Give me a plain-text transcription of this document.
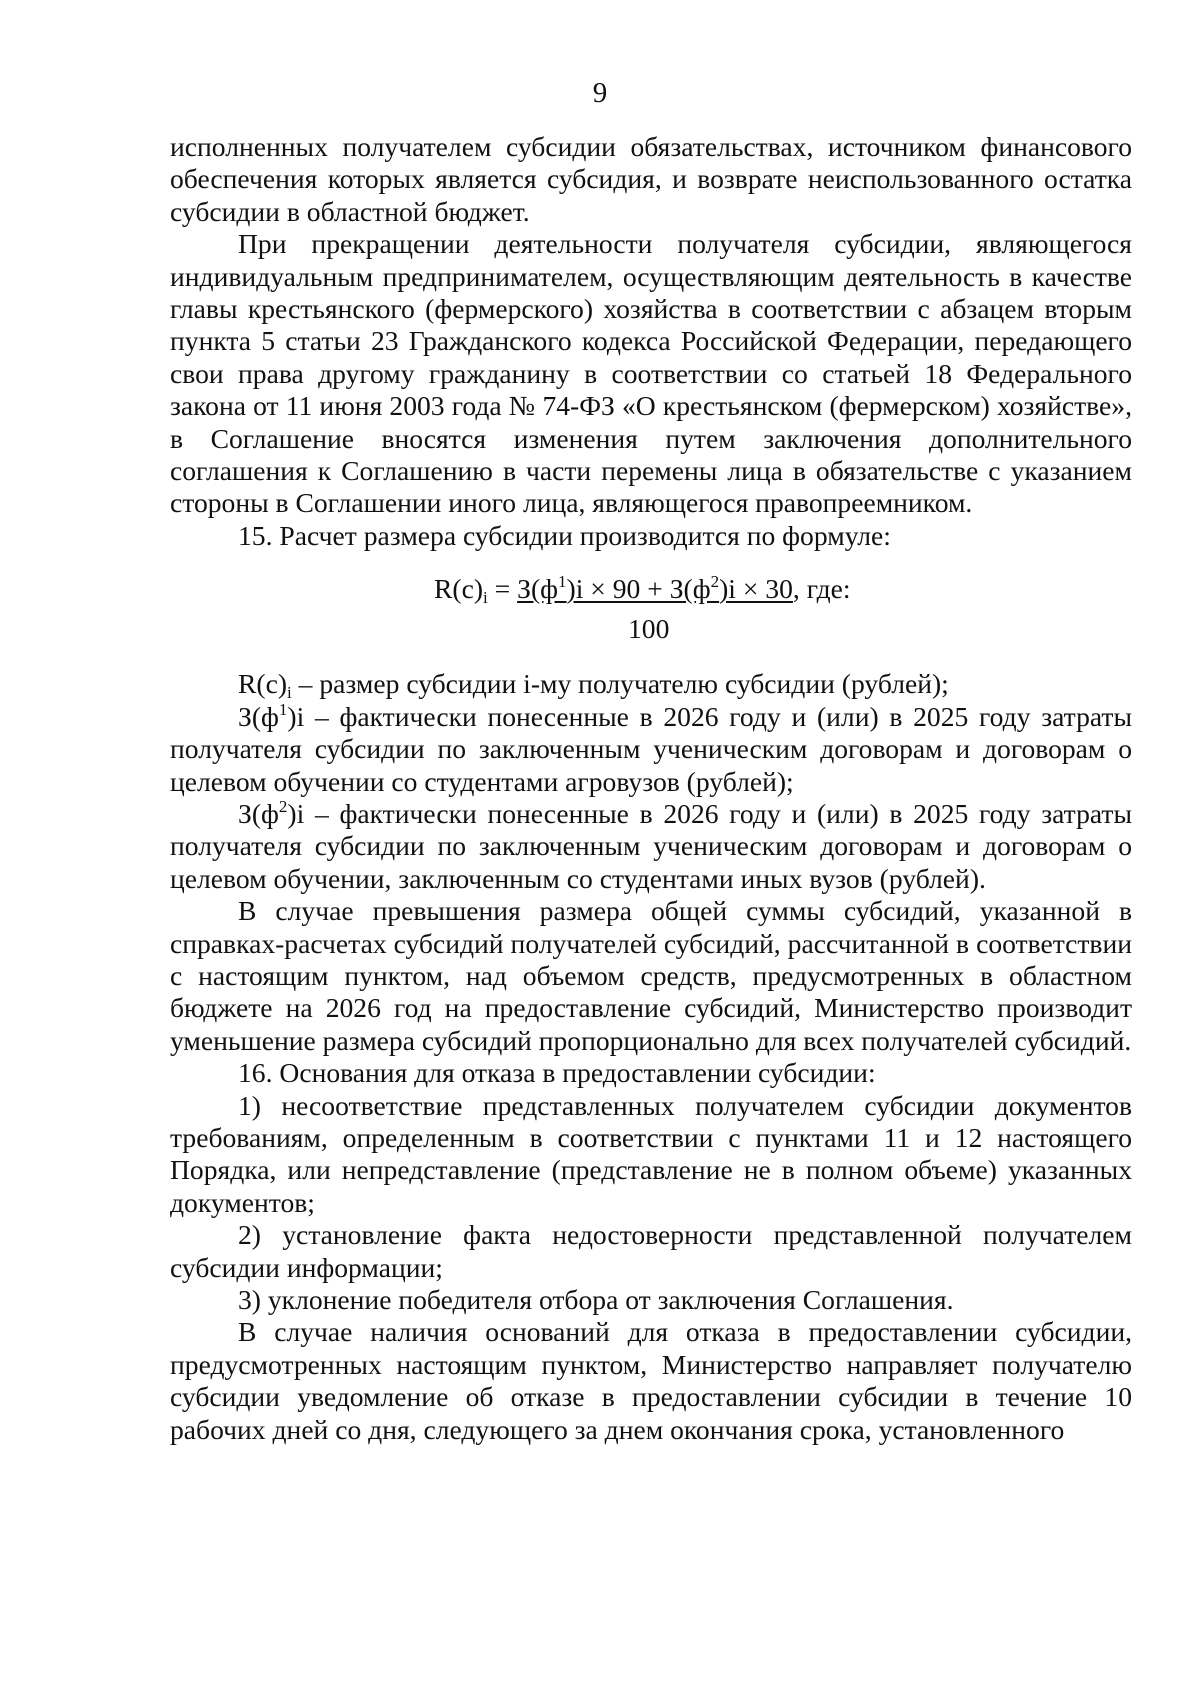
9

исполненных получателем субсидии обязательствах, источником финансового обеспечения которых является субсидия, и возврате неиспользованного остатка субсидии в областной бюджет.

При прекращении деятельности получателя субсидии, являющегося индивидуальным предпринимателем, осуществляющим деятельность в качестве главы крестьянского (фермерского) хозяйства в соответствии с абзацем вторым пункта 5 статьи 23 Гражданского кодекса Российской Федерации, передающего свои права другому гражданину в соответствии со статьей 18 Федерального закона от 11 июня 2003 года № 74-ФЗ «О крестьянском (фермерском) хозяйстве», в Соглашение вносятся изменения путем заключения дополнительного соглашения к Соглашению в части перемены лица в обязательстве с указанием стороны в Соглашении иного лица, являющегося правопреемником.

15. Расчет размера субсидии производится по формуле:

$R(c)_i = З(ф^1)i \times 90 + З(ф^2)i \times 30$, где:
100

$R(c)_i$ – размер субсидии i-му получателю субсидии (рублей);

$З(ф^1)i$ – фактически понесенные в 2026 году и (или) в 2025 году затраты получателя субсидии по заключенным ученическим договорам и договорам о целевом обучении со студентами агровузов (рублей);

$З(ф^2)i$ – фактически понесенные в 2026 году и (или) в 2025 году затраты получателя субсидии по заключенным ученическим договорам и договорам о целевом обучении, заключенным со студентами иных вузов (рублей).

В случае превышения размера общей суммы субсидий, указанной в справках-расчетах субсидий получателей субсидий, рассчитанной в соответствии с настоящим пунктом, над объемом средств, предусмотренных в областном бюджете на 2026 год на предоставление субсидий, Министерство производит уменьшение размера субсидий пропорционально для всех получателей субсидий.

16. Основания для отказа в предоставлении субсидии:

1) несоответствие представленных получателем субсидии документов требованиям, определенным в соответствии с пунктами 11 и 12 настоящего Порядка, или непредставление (представление не в полном объеме) указанных документов;

2) установление факта недостоверности представленной получателем субсидии информации;

3) уклонение победителя отбора от заключения Соглашения.

В случае наличия оснований для отказа в предоставлении субсидии, предусмотренных настоящим пунктом, Министерство направляет получателю субсидии уведомление об отказе в предоставлении субсидии в течение 10 рабочих дней со дня, следующего за днем окончания срока, установленного
